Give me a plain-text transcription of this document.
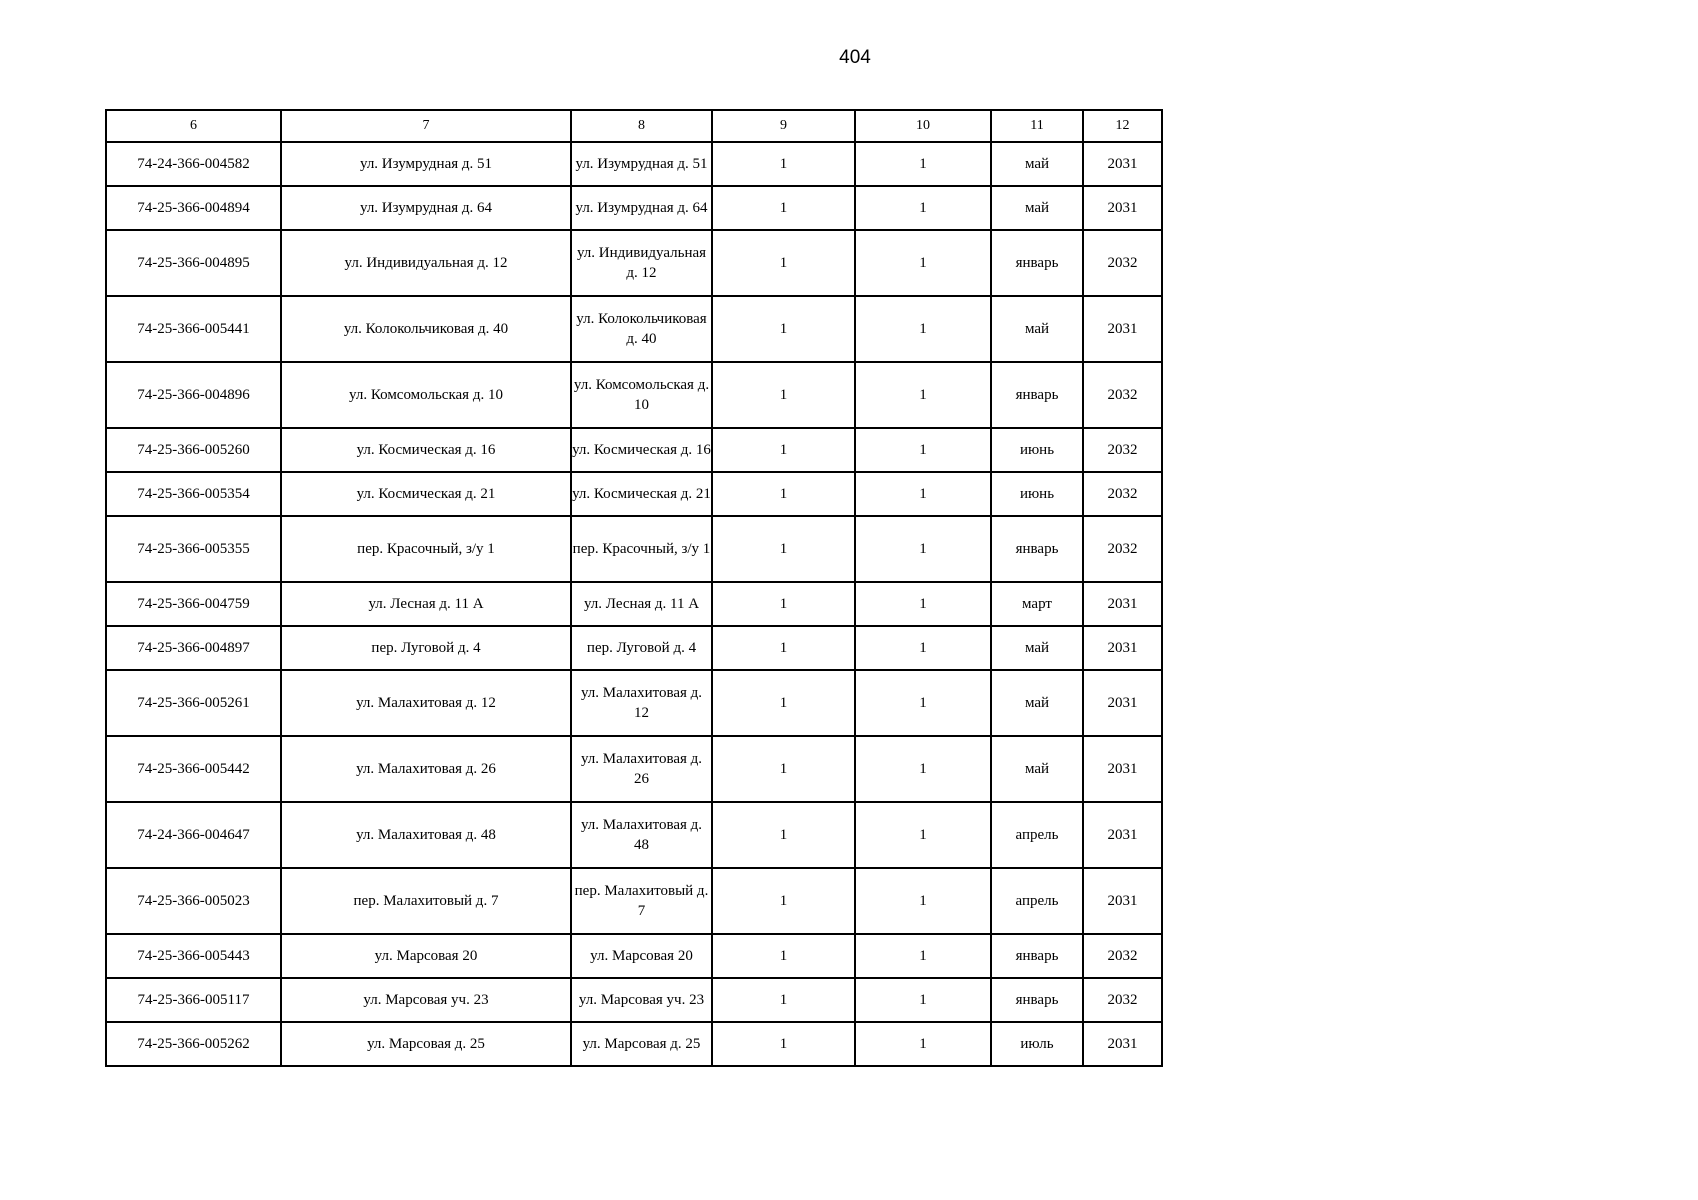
404
6	7	8	9	10	11	12
74-24-366-004582	ул. Изумрудная д. 51	ул. Изумрудная д. 51	1	1	май	2031
74-25-366-004894	ул. Изумрудная д. 64	ул. Изумрудная д. 64	1	1	май	2031
74-25-366-004895	ул. Индивидуальная д. 12	ул. Индивидуальная д. 12	1	1	январь	2032
74-25-366-005441	ул. Колокольчиковая д. 40	ул. Колокольчиковая д. 40	1	1	май	2031
74-25-366-004896	ул. Комсомольская д. 10	ул. Комсомольская д. 10	1	1	январь	2032
74-25-366-005260	ул. Космическая д. 16	ул. Космическая д. 16	1	1	июнь	2032
74-25-366-005354	ул. Космическая д. 21	ул. Космическая д. 21	1	1	июнь	2032
74-25-366-005355	пер. Красочный, з/у 1	пер. Красочный, з/у 1	1	1	январь	2032
74-25-366-004759	ул. Лесная д. 11 А	ул. Лесная д. 11 А	1	1	март	2031
74-25-366-004897	пер. Луговой д. 4	пер. Луговой д. 4	1	1	май	2031
74-25-366-005261	ул. Малахитовая д. 12	ул. Малахитовая д. 12	1	1	май	2031
74-25-366-005442	ул. Малахитовая д. 26	ул. Малахитовая д. 26	1	1	май	2031
74-24-366-004647	ул. Малахитовая д. 48	ул. Малахитовая д. 48	1	1	апрель	2031
74-25-366-005023	пер. Малахитовый д. 7	пер. Малахитовый д. 7	1	1	апрель	2031
74-25-366-005443	ул. Марсовая 20	ул. Марсовая 20	1	1	январь	2032
74-25-366-005117	ул. Марсовая уч. 23	ул. Марсовая уч. 23	1	1	январь	2032
74-25-366-005262	ул. Марсовая д. 25	ул. Марсовая д. 25	1	1	июль	2031
